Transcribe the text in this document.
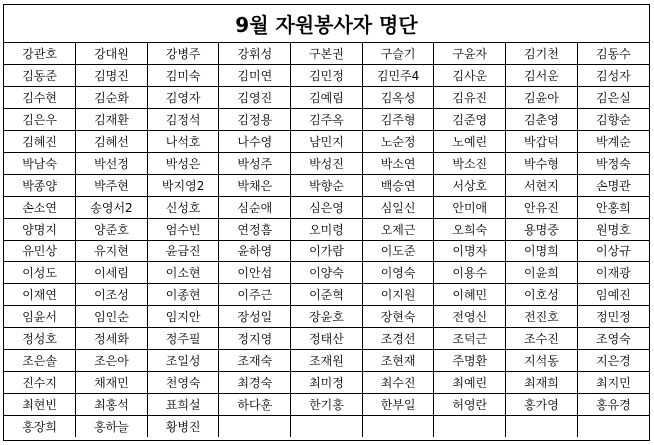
9월 자원봉사자 명단
강관호	강대원	강병주	강휘성	구본권	구슬기	구윤자	김기천	김동수
김동준	김명진	김미숙	김미연	김민정	김민주4	김사운	김서운	김성자
김수현	김순화	김영자	김영진	김예림	김옥성	김유진	김윤아	김은실
김은우	김재환	김정석	김정용	김주옥	김주형	김준영	김춘영	김향순
김혜진	김혜선	나석호	나수영	남민지	노순정	노예린	박갑덕	박계순
박남숙	박선정	박성은	박성주	박성진	박소연	박소진	박수형	박정숙
박종양	박주현	박지영2	박채은	박향순	백승연	서상호	서현지	손명관
손소연	송영서2	신성호	심순애	심은영	심일신	안미애	안유진	안홍희
양명지	양준호	엄수빈	연정흠	오미령	오제근	오희숙	용명중	원명호
유민상	유지현	윤금진	윤하영	이가람	이도준	이명자	이명희	이상규
이성도	이세림	이소현	이안섭	이양숙	이영숙	이용수	이윤희	이재광
이재연	이조성	이종현	이주근	이준혁	이지원	이혜민	이호성	임예진
임윤서	임인순	임지안	장성일	장윤호	장현숙	전영신	전진호	정민정
정성호	정세화	정주필	정지영	정태산	조경선	조덕근	조수진	조영숙
조은솔	조은아	조일성	조재숙	조재원	조현재	주명환	지석동	지은경
진수지	채재민	천영숙	최경숙	최미정	최수진	최예린	최재희	최지민
최현빈	최홍석	표희설	하다훈	한기홍	한부일	허영란	홍가영	홍유경
홍장희	홍하늘	황병진						
